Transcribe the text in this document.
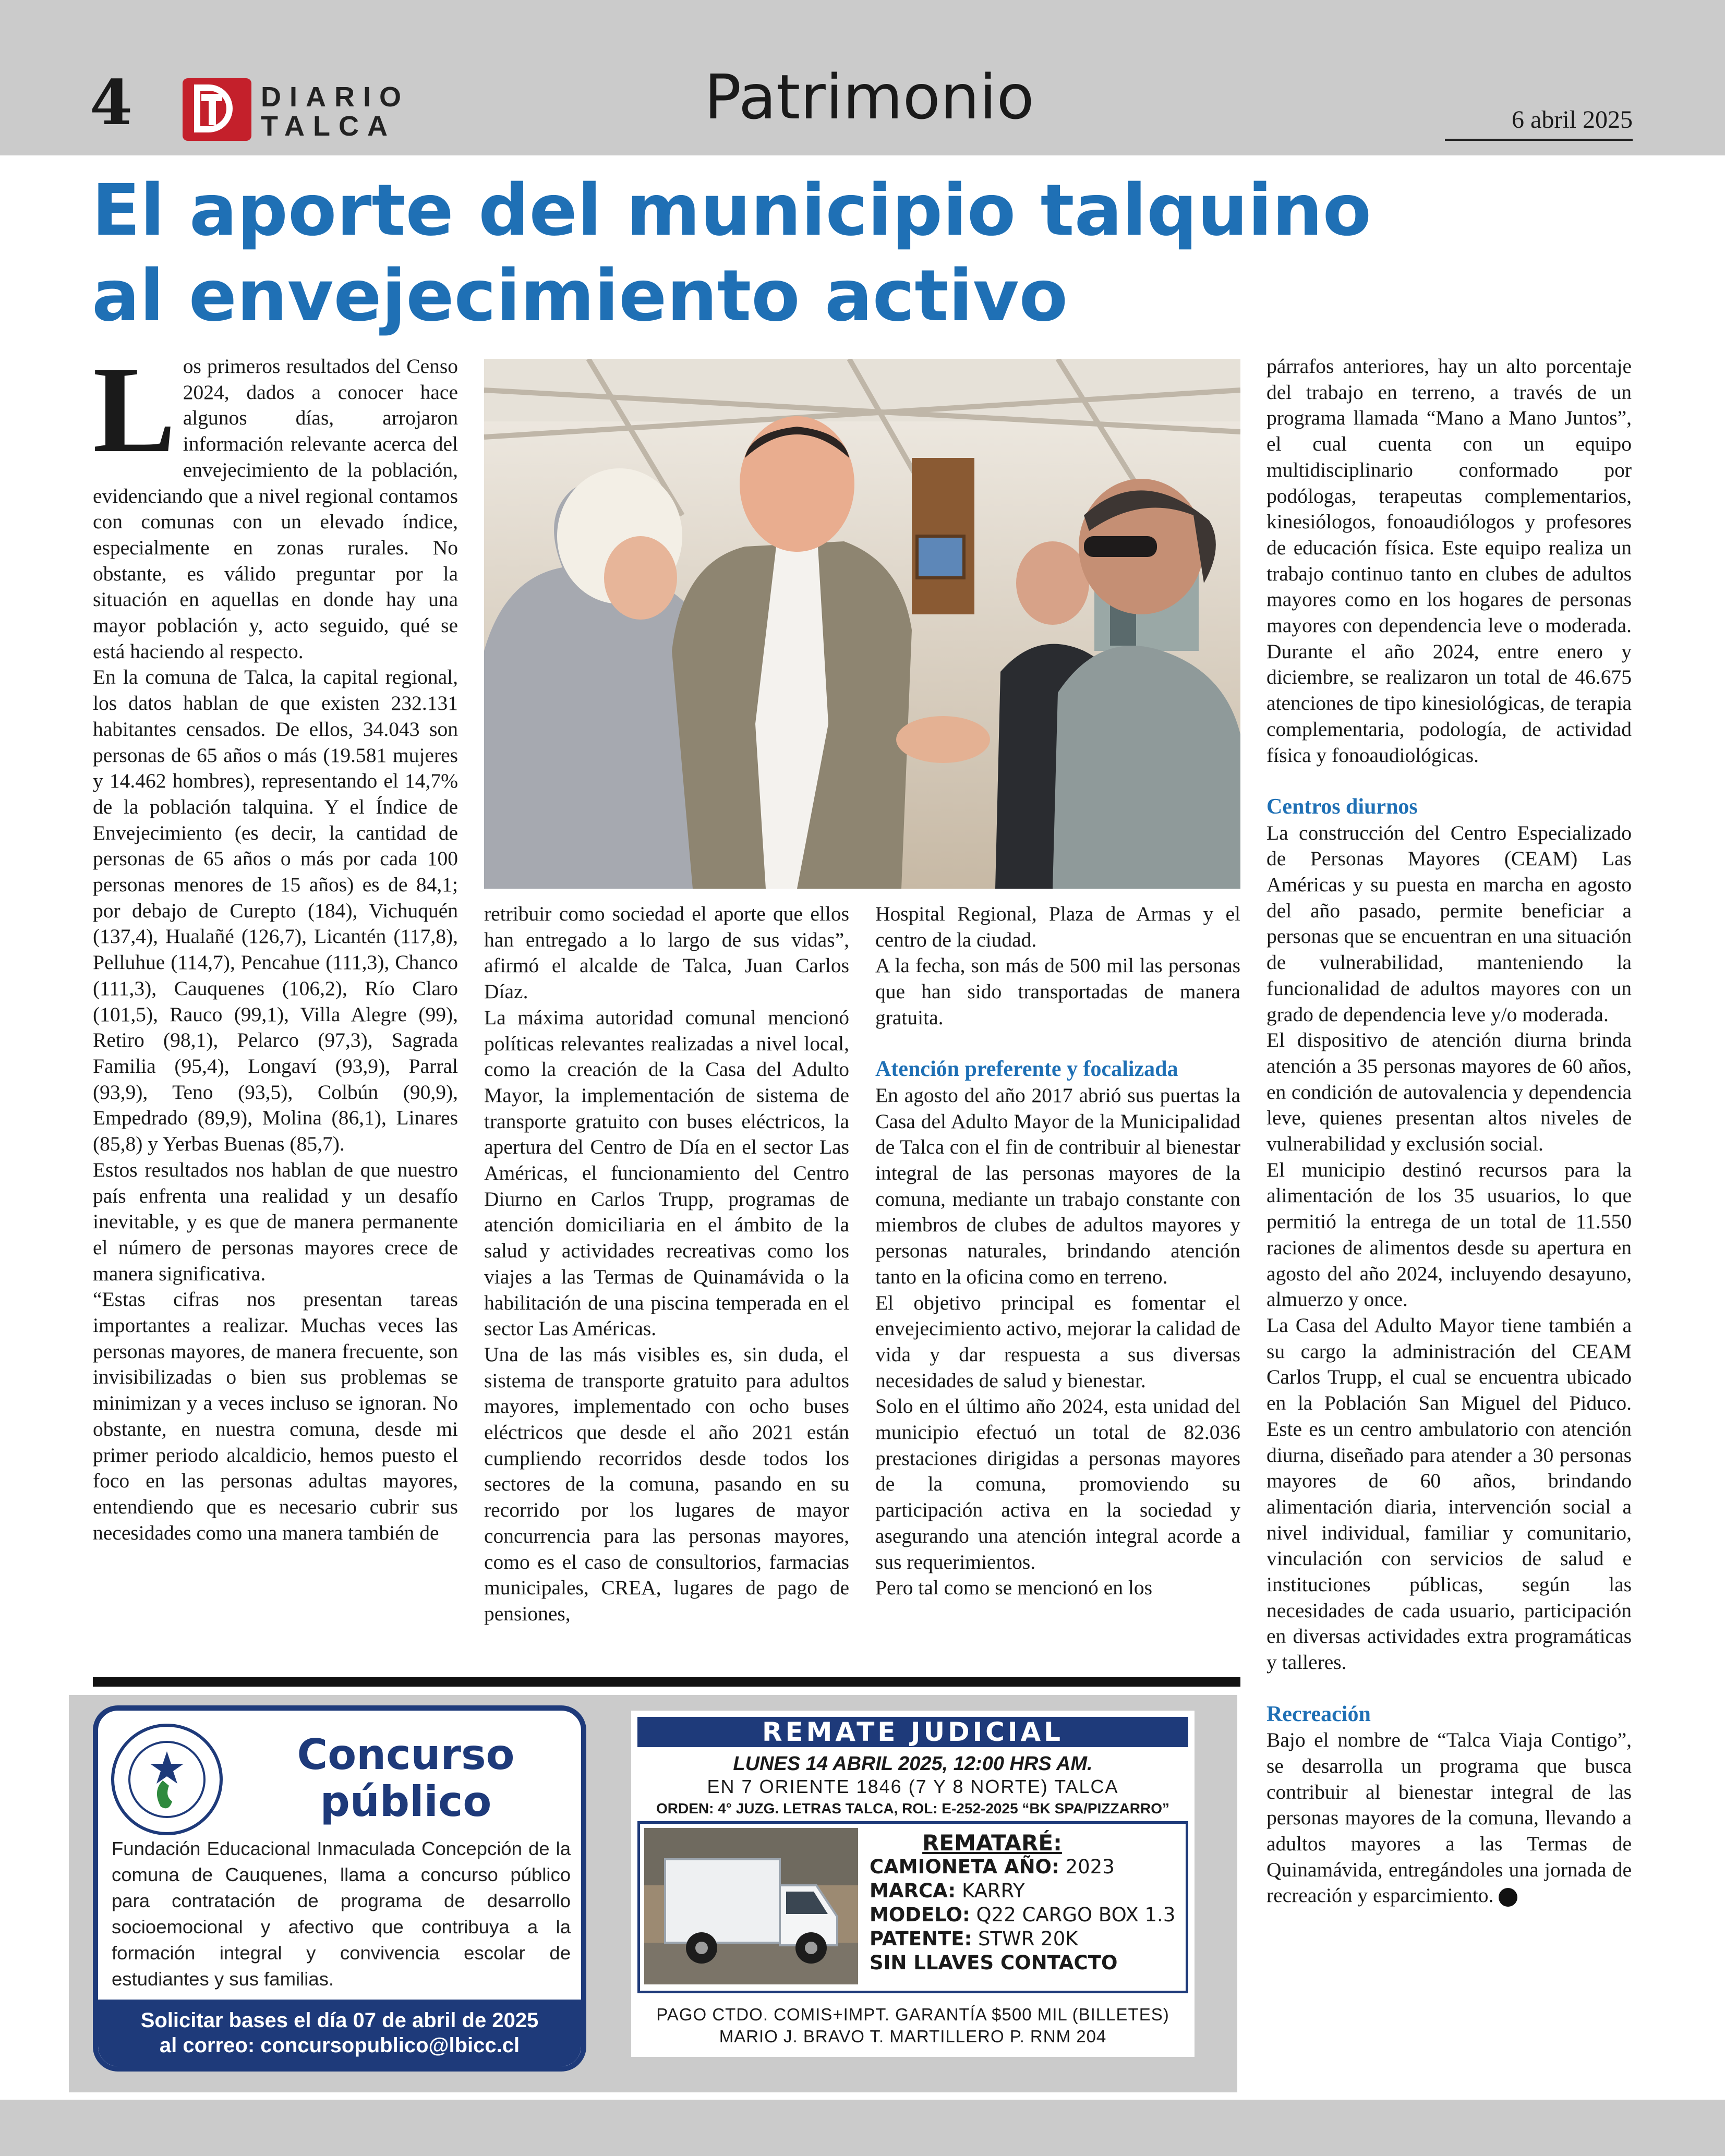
4	DIARIO
TALCA	Patrimonio	6 abril 2025
El aporte del municipio talquino
al envejecimiento activo
L os primeros resultados del Censo 2024, dados a conocer hace algunos días, arrojaron información relevante acerca del envejecimiento de la población, evidenciando que a nivel regional contamos con comunas con un elevado índice, especialmente en zonas rurales. No obstante, es válido preguntar por la situación en aquellas en donde hay una mayor población y, acto seguido, qué se está haciendo al respecto.

En la comuna de Talca, la capital regional, los datos hablan de que existen 232.131 habitantes censados. De ellos, 34.043 son personas de 65 años o más (19.581 mujeres y 14.462 hombres), representando el 14,7% de la población talquina. Y el Índice de Envejecimiento (es decir, la cantidad de personas de 65 años o más por cada 100 personas menores de 15 años) es de 84,1; por debajo de Curepto (184), Vichuquén (137,4), Hualañé (126,7), Licantén (117,8), Pelluhue (114,7), Pencahue (111,3), Chanco (111,3), Cauquenes (106,2), Río Claro (101,5), Rauco (99,1), Villa Alegre (99), Retiro (98,1), Pelarco (97,3), Sagrada Familia (95,4), Longaví (93,9), Parral (93,9), Teno (93,5), Colbún (90,9), Empedrado (89,9), Molina (86,1), Linares (85,8) y Yerbas Buenas (85,7).

Estos resultados nos hablan de que nuestro país enfrenta una realidad y un desafío inevitable, y es que de manera permanente el número de personas mayores crece de manera significativa.

“Estas cifras nos presentan tareas importantes a realizar. Muchas veces las personas mayores, de manera frecuente, son invisibilizadas o bien sus problemas se minimizan y a veces incluso se ignoran. No obstante, en nuestra comuna, desde mi primer periodo alcaldicio, hemos puesto el foco en las personas adultas mayores, entendiendo que es necesario cubrir sus necesidades como una manera también de

retribuir como sociedad el aporte que ellos han entregado a lo largo de sus vidas”, afirmó el alcalde de Talca, Juan Carlos Díaz.

La máxima autoridad comunal mencionó políticas relevantes realizadas a nivel local, como la creación de la Casa del Adulto Mayor, la implementación de sistema de transporte gratuito con buses eléctricos, la apertura del Centro de Día en el sector Las Américas, el funcionamiento del Centro Diurno en Carlos Trupp, programas de atención domiciliaria en el ámbito de la salud y actividades recreativas como los viajes a las Termas de Quinamávida o la habilitación de una piscina temperada en el sector Las Américas.

Una de las más visibles es, sin duda, el sistema de transporte gratuito para adultos mayores, implementado con ocho buses eléctricos que desde el año 2021 están cumpliendo recorridos desde todos los sectores de la comuna, pasando en su recorrido por los lugares de mayor concurrencia para las personas mayores, como es el caso de consultorios, farmacias municipales, CREA, lugares de pago de pensiones,

Hospital Regional, Plaza de Armas y el centro de la ciudad.

A la fecha, son más de 500 mil las personas que han sido transportadas de manera gratuita.

Atención preferente y focalizada

En agosto del año 2017 abrió sus puertas la Casa del Adulto Mayor de la Municipalidad de Talca con el fin de contribuir al bienestar integral de las personas mayores de la comuna, mediante un trabajo constante con miembros de clubes de adultos mayores y personas naturales, brindando atención tanto en la oficina como en terreno.

El objetivo principal es fomentar el envejecimiento activo, mejorar la calidad de vida y dar respuesta a sus diversas necesidades de salud y bienestar.

Solo en el último año 2024, esta unidad del municipio efectuó un total de 82.036 prestaciones dirigidas a personas mayores de la comuna, promoviendo su participación activa en la sociedad y asegurando una atención integral acorde a sus requerimientos.

Pero tal como se mencionó en los

párrafos anteriores, hay un alto porcentaje del trabajo en terreno, a través de un programa llamada “Mano a Mano Juntos”, el cual cuenta con un equipo multidisciplinario conformado por podólogas, terapeutas complementarios, kinesiólogos, fonoaudiólogos y profesores de educación física. Este equipo realiza un trabajo continuo tanto en clubes de adultos mayores como en los hogares de personas mayores con dependencia leve o moderada. Durante el año 2024, entre enero y diciembre, se realizaron un total de 46.675 atenciones de tipo kinesiológicas, de terapia complementaria, podología, de actividad física y fonoaudiológicas.

Centros diurnos

La construcción del Centro Especializado de Personas Mayores (CEAM) Las Américas y su puesta en marcha en agosto del año pasado, permite beneficiar a personas que se encuentran en una situación de vulnerabilidad, manteniendo la funcionalidad de adultos mayores con un grado de dependencia leve y/o moderada.

El dispositivo de atención diurna brinda atención a 35 personas mayores de 60 años, en condición de autovalencia y dependencia leve, quienes presentan altos niveles de vulnerabilidad y exclusión social.

El municipio destinó recursos para la alimentación de los 35 usuarios, lo que permitió la entrega de un total de 11.550 raciones de alimentos desde su apertura en agosto del año 2024, incluyendo desayuno, almuerzo y once.

La Casa del Adulto Mayor tiene también a su cargo la administración del CEAM Carlos Trupp, el cual se encuentra ubicado en la Población San Miguel del Piduco. Este es un centro ambulatorio con atención diurna, diseñado para atender a 30 personas mayores de 60 años, brindando alimentación diaria, intervención social a nivel individual, familiar y comunitario, vinculación con servicios de salud e instituciones públicas, según las necesidades de cada usuario, participación en diversas actividades extra programáticas y talleres.

Recreación

Bajo el nombre de “Talca Viaja Contigo”, se desarrolla un programa que busca contribuir al bienestar integral de las personas mayores de la comuna, llevando a adultos mayores a las Termas de Quinamávida, entregándoles una jornada de recreación y esparcimiento.

Concurso
público
Fundación Educacional Inmaculada Concepción de la comuna de Cauquenes, llama a concurso público para contratación de programa de desarrollo socioemocional y afectivo que contribuya a la formación integral y convivencia escolar de estudiantes y sus familias.
Solicitar bases el día 07 de abril de 2025
al correo: concursopublico@lbicc.cl
REMATE JUDICIAL
LUNES 14 ABRIL 2025, 12:00 HRS AM.
EN 7 ORIENTE 1846 (7 Y 8 NORTE) TALCA
ORDEN: 4° JUZG. LETRAS TALCA, ROL: E-252-2025 “BK SPA/PIZZARRO”
REMATARÉ:
CAMIONETA AÑO: 2023
MARCA: KARRY
MODELO: Q22 CARGO BOX 1.3
PATENTE: STWR 20K
SIN LLAVES CONTACTO
PAGO CTDO. COMIS+IMPT. GARANTÍA $500 MIL (BILLETES)
MARIO J. BRAVO T. MARTILLERO P. RNM 204
